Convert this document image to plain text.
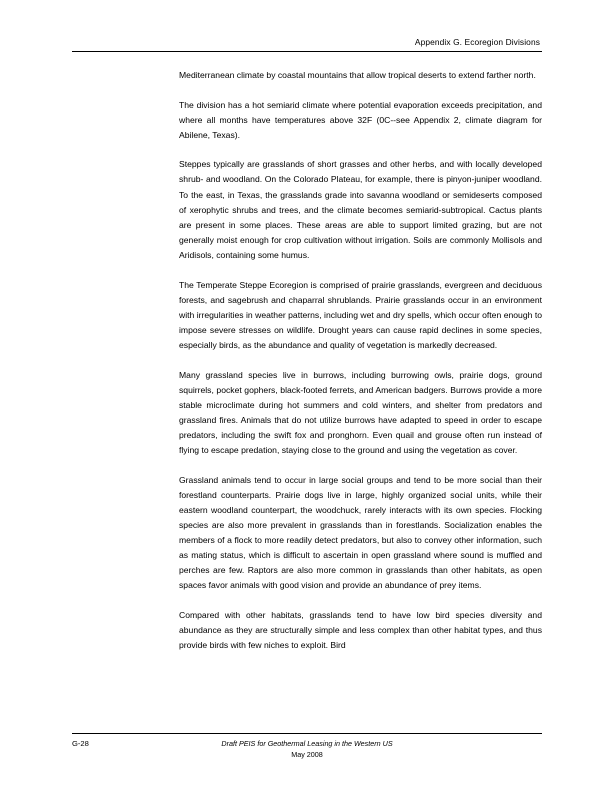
Appendix G. Ecoregion Divisions

Mediterranean climate by coastal mountains that allow tropical deserts to extend farther north.

The division has a hot semiarid climate where potential evaporation exceeds precipitation, and where all months have temperatures above 32F (0C--see Appendix 2, climate diagram for Abilene, Texas).

Steppes typically are grasslands of short grasses and other herbs, and with locally developed shrub- and woodland. On the Colorado Plateau, for example, there is pinyon-juniper woodland. To the east, in Texas, the grasslands grade into savanna woodland or semideserts composed of xerophytic shrubs and trees, and the climate becomes semiarid-subtropical. Cactus plants are present in some places. These areas are able to support limited grazing, but are not generally moist enough for crop cultivation without irrigation. Soils are commonly Mollisols and Aridisols, containing some humus.

The Temperate Steppe Ecoregion is comprised of prairie grasslands, evergreen and deciduous forests, and sagebrush and chaparral shrublands. Prairie grasslands occur in an environment with irregularities in weather patterns, including wet and dry spells, which occur often enough to impose severe stresses on wildlife. Drought years can cause rapid declines in some species, especially birds, as the abundance and quality of vegetation is markedly decreased.

Many grassland species live in burrows, including burrowing owls, prairie dogs, ground squirrels, pocket gophers, black-footed ferrets, and American badgers. Burrows provide a more stable microclimate during hot summers and cold winters, and shelter from predators and grassland fires. Animals that do not utilize burrows have adapted to speed in order to escape predators, including the swift fox and pronghorn. Even quail and grouse often run instead of flying to escape predation, staying close to the ground and using the vegetation as cover.

Grassland animals tend to occur in large social groups and tend to be more social than their forestland counterparts. Prairie dogs live in large, highly organized social units, while their eastern woodland counterpart, the woodchuck, rarely interacts with its own species. Flocking species are also more prevalent in grasslands than in forestlands. Socialization enables the members of a flock to more readily detect predators, but also to convey other information, such as mating status, which is difficult to ascertain in open grassland where sound is muffled and perches are few. Raptors are also more common in grasslands than other habitats, as open spaces favor animals with good vision and provide an abundance of prey items.

Compared with other habitats, grasslands tend to have low bird species diversity and abundance as they are structurally simple and less complex than other habitat types, and thus provide birds with few niches to exploit. Bird

G-28	Draft PEIS for Geothermal Leasing in the Western US
May 2008
